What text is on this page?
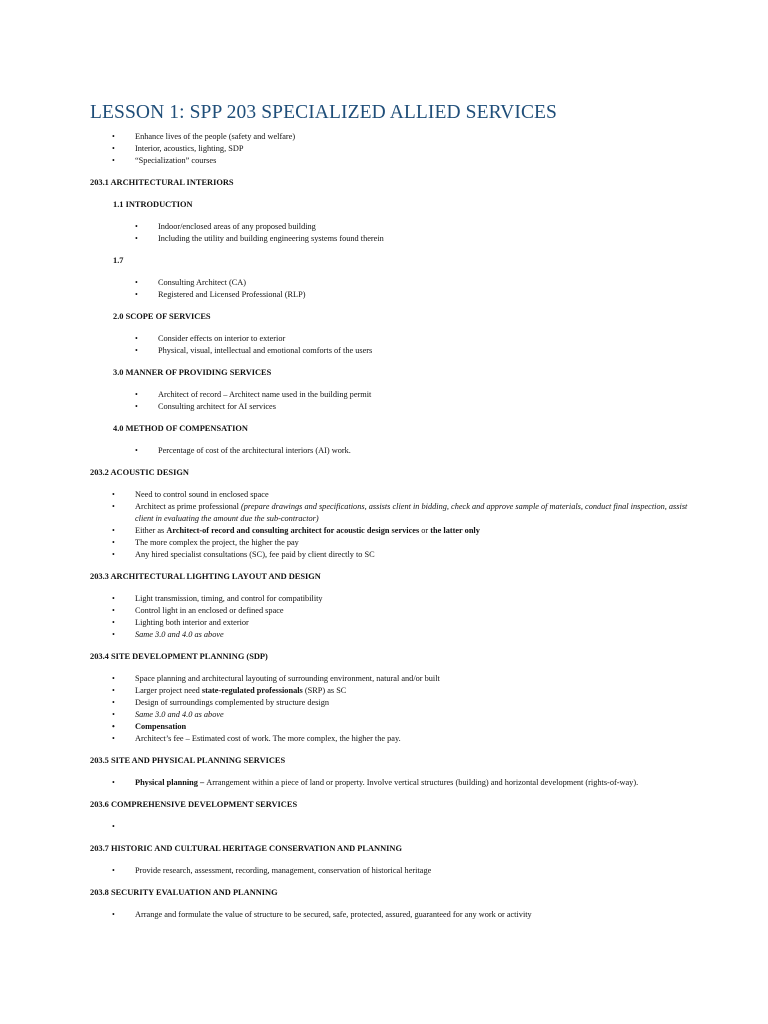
LESSON 1: SPP 203 SPECIALIZED ALLIED SERVICES
• Enhance lives of the people (safety and welfare)
• Interior, acoustics, lighting, SDP
• “Specialization” courses

203.1 ARCHITECTURAL INTERIORS

1.1 INTRODUCTION

• Indoor/enclosed areas of any proposed building
• Including the utility and building engineering systems found therein

1.7

• Consulting Architect (CA)
• Registered and Licensed Professional (RLP)

2.0 SCOPE OF SERVICES

• Consider effects on interior to exterior
• Physical, visual, intellectual and emotional comforts of the users

3.0 MANNER OF PROVIDING SERVICES

• Architect of record – Architect name used in the building permit
• Consulting architect for AI services

4.0 METHOD OF COMPENSATION

• Percentage of cost of the architectural interiors (AI) work.

203.2 ACOUSTIC DESIGN

• Need to control sound in enclosed space
• Architect as prime professional (prepare drawings and specifications, assists client in bidding, check and approve sample of materials, conduct final inspection, assist client in evaluating the amount due the sub-contractor)
• Either as Architect-of record and consulting architect for acoustic design services or the latter only
• The more complex the project, the higher the pay
• Any hired specialist consultations (SC), fee paid by client directly to SC

203.3 ARCHITECTURAL LIGHTING LAYOUT AND DESIGN

• Light transmission, timing, and control for compatibility
• Control light in an enclosed or defined space
• Lighting both interior and exterior
• Same 3.0 and 4.0 as above

203.4 SITE DEVELOPMENT PLANNING (SDP)

• Space planning and architectural layouting of surrounding environment, natural and/or built
• Larger project need state-regulated professionals (SRP) as SC
• Design of surroundings complemented by structure design
• Same 3.0 and 4.0 as above
• Compensation
• Architect’s fee – Estimated cost of work. The more complex, the higher the pay.

203.5 SITE AND PHYSICAL PLANNING SERVICES

• Physical planning – Arrangement within a piece of land or property. Involve vertical structures (building) and horizontal development (rights-of-way).

203.6 COMPREHENSIVE DEVELOPMENT SERVICES

•

203.7 HISTORIC AND CULTURAL HERITAGE CONSERVATION AND PLANNING

• Provide research, assessment, recording, management, conservation of historical heritage

203.8 SECURITY EVALUATION AND PLANNING

• Arrange and formulate the value of structure to be secured, safe, protected, assured, guaranteed for any work or activity
